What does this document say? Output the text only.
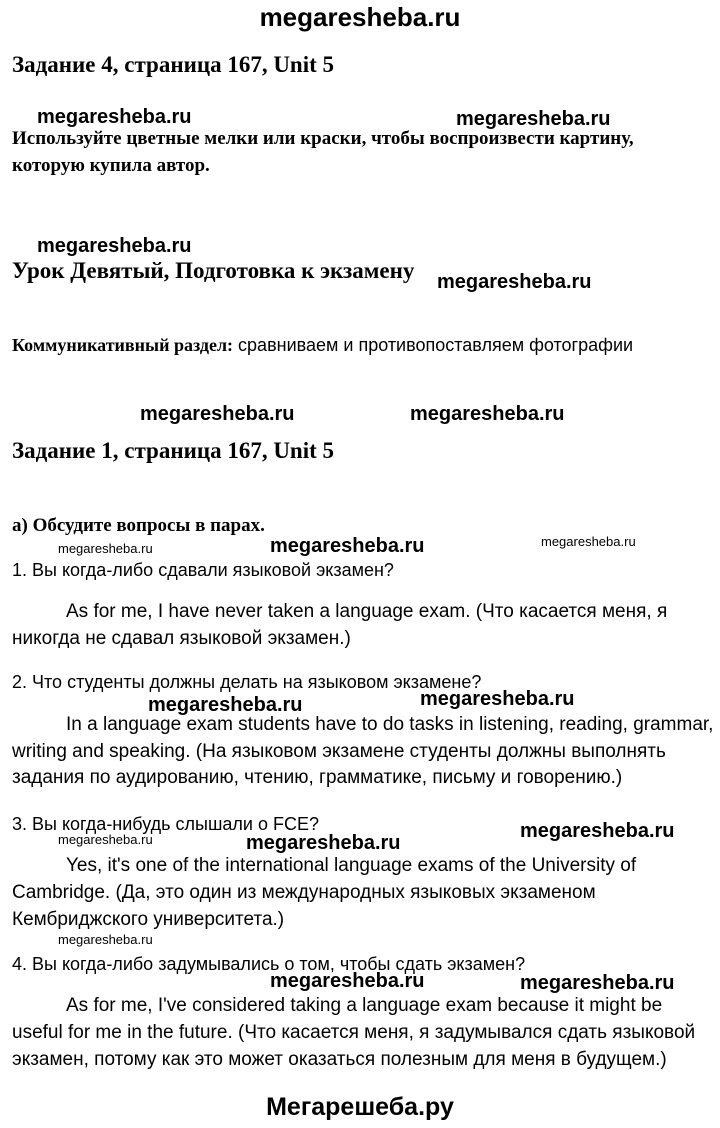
megaresheba.ru
Задание 4, страница 167, Unit 5
megaresheba.ru	megaresheba.ru
Используйте цветные мелки или краски, чтобы воспроизвести картину,
которую купила автор.
megaresheba.ru
Урок Девятый, Подготовка к экзамену megaresheba.ru
Коммуникативный раздел: сравниваем и противопоставляем фотографии
megaresheba.ru	megaresheba.ru
Задание 1, страница 167, Unit 5
a) Обсудите вопросы в парах.
megaresheba.ru	megaresheba.ru	megaresheba.ru
1. Вы когда-либо сдавали языковой экзамен?
As for me, I have never taken a language exam. (Что касается меня, я
никогда не сдавал языковой экзамен.)
2. Что студенты должны делать на языковом экзамене?
megaresheba.ru	megaresheba.ru
In a language exam students have to do tasks in listening, reading, grammar,
writing and speaking. (На языковом экзамене студенты должны выполнять
задания по аудированию, чтению, грамматике, письму и говорению.)
3. Вы когда-нибудь слышали о FCE?
megaresheba.ru	megaresheba.ru
megaresheba.ru
Yes, it's one of the international language exams of the University of
Cambridge. (Да, это один из международных языковых экзаменом
Кембриджского университета.)
megaresheba.ru
4. Вы когда-либо задумывались о том, чтобы сдать экзамен?
megaresheba.ru	megaresheba.ru
As for me, I've considered taking a language exam because it might be
useful for me in the future. (Что касается меня, я задумывался сдать языковой
экзамен, потому как это может оказаться полезным для меня в будущем.)
Мегарешеба.ру
